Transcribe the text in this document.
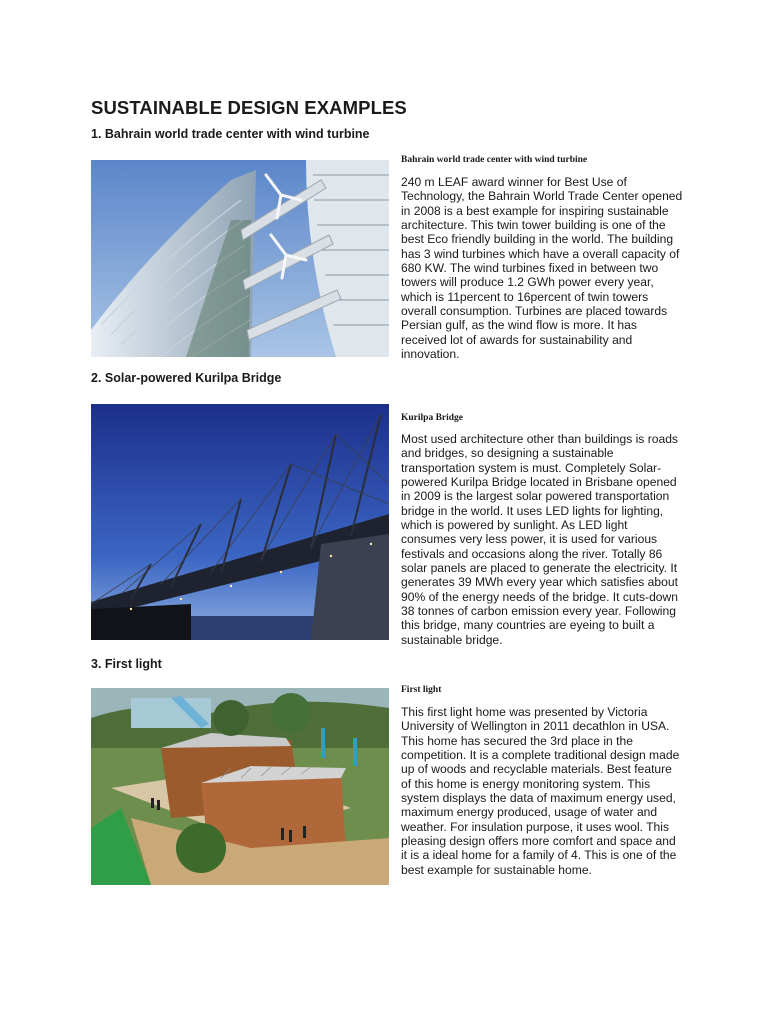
SUSTAINABLE DESIGN EXAMPLES
1. Bahrain world trade center with wind turbine

Bahrain world trade center with wind turbine

240 m LEAF award winner for Best Use of Technology, the Bahrain World Trade Center opened in 2008 is a best example for inspiring sustainable architecture. This twin tower building is one of the best Eco friendly building in the world. The building has 3 wind turbines which have a overall capacity of 680 KW. The wind turbines fixed in between two towers will produce 1.2 GWh power every year, which is 11percent to 16percent of twin towers overall consumption. Turbines are placed towards Persian gulf, as the wind flow is more. It has received lot of awards for sustainability and innovation.

2. Solar-powered Kurilpa Bridge

Kurilpa Bridge

Most used architecture other than buildings is roads and bridges, so designing a sustainable transportation system is must. Completely Solar-powered Kurilpa Bridge located in Brisbane opened in 2009 is the largest solar powered transportation bridge in the world. It uses LED lights for lighting, which is powered by sunlight. As LED light consumes very less power, it is used for various festivals and occasions along the river. Totally 86 solar panels are placed to generate the electricity. It generates 39 MWh every year which satisfies about 90% of the energy needs of the bridge. It cuts-down 38 tonnes of carbon emission every year. Following this bridge, many countries are eyeing to built a sustainable bridge.

3. First light

First light

This first light home was presented by Victoria University of Wellington in 2011 decathlon in USA. This home has secured the 3rd place in the competition. It is a complete traditional design made up of woods and recyclable materials. Best feature of this home is energy monitoring system. This system displays the data of maximum energy used, maximum energy produced, usage of water and weather. For insulation purpose, it uses wool. This pleasing design offers more comfort and space and it is a ideal home for a family of 4. This is one of the best example for sustainable home.
